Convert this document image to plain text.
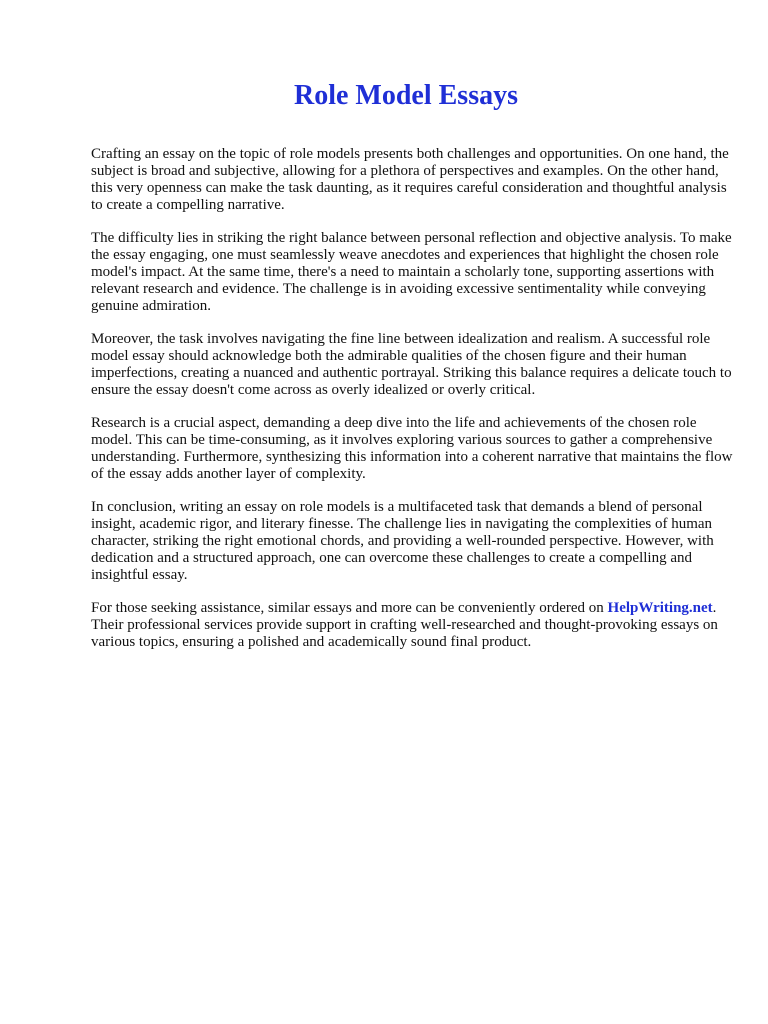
Role Model Essays

Crafting an essay on the topic of role models presents both challenges and opportunities. On one hand, the subject is broad and subjective, allowing for a plethora of perspectives and examples. On the other hand, this very openness can make the task daunting, as it requires careful consideration and thoughtful analysis to create a compelling narrative.

The difficulty lies in striking the right balance between personal reflection and objective analysis. To make the essay engaging, one must seamlessly weave anecdotes and experiences that highlight the chosen role model's impact. At the same time, there's a need to maintain a scholarly tone, supporting assertions with relevant research and evidence. The challenge is in avoiding excessive sentimentality while conveying genuine admiration.

Moreover, the task involves navigating the fine line between idealization and realism. A successful role model essay should acknowledge both the admirable qualities of the chosen figure and their human imperfections, creating a nuanced and authentic portrayal. Striking this balance requires a delicate touch to ensure the essay doesn't come across as overly idealized or overly critical.

Research is a crucial aspect, demanding a deep dive into the life and achievements of the chosen role model. This can be time-consuming, as it involves exploring various sources to gather a comprehensive understanding. Furthermore, synthesizing this information into a coherent narrative that maintains the flow of the essay adds another layer of complexity.

In conclusion, writing an essay on role models is a multifaceted task that demands a blend of personal insight, academic rigor, and literary finesse. The challenge lies in navigating the complexities of human character, striking the right emotional chords, and providing a well-rounded perspective. However, with dedication and a structured approach, one can overcome these challenges to create a compelling and insightful essay.

For those seeking assistance, similar essays and more can be conveniently ordered on HelpWriting.net. Their professional services provide support in crafting well-researched and thought-provoking essays on various topics, ensuring a polished and academically sound final product.
